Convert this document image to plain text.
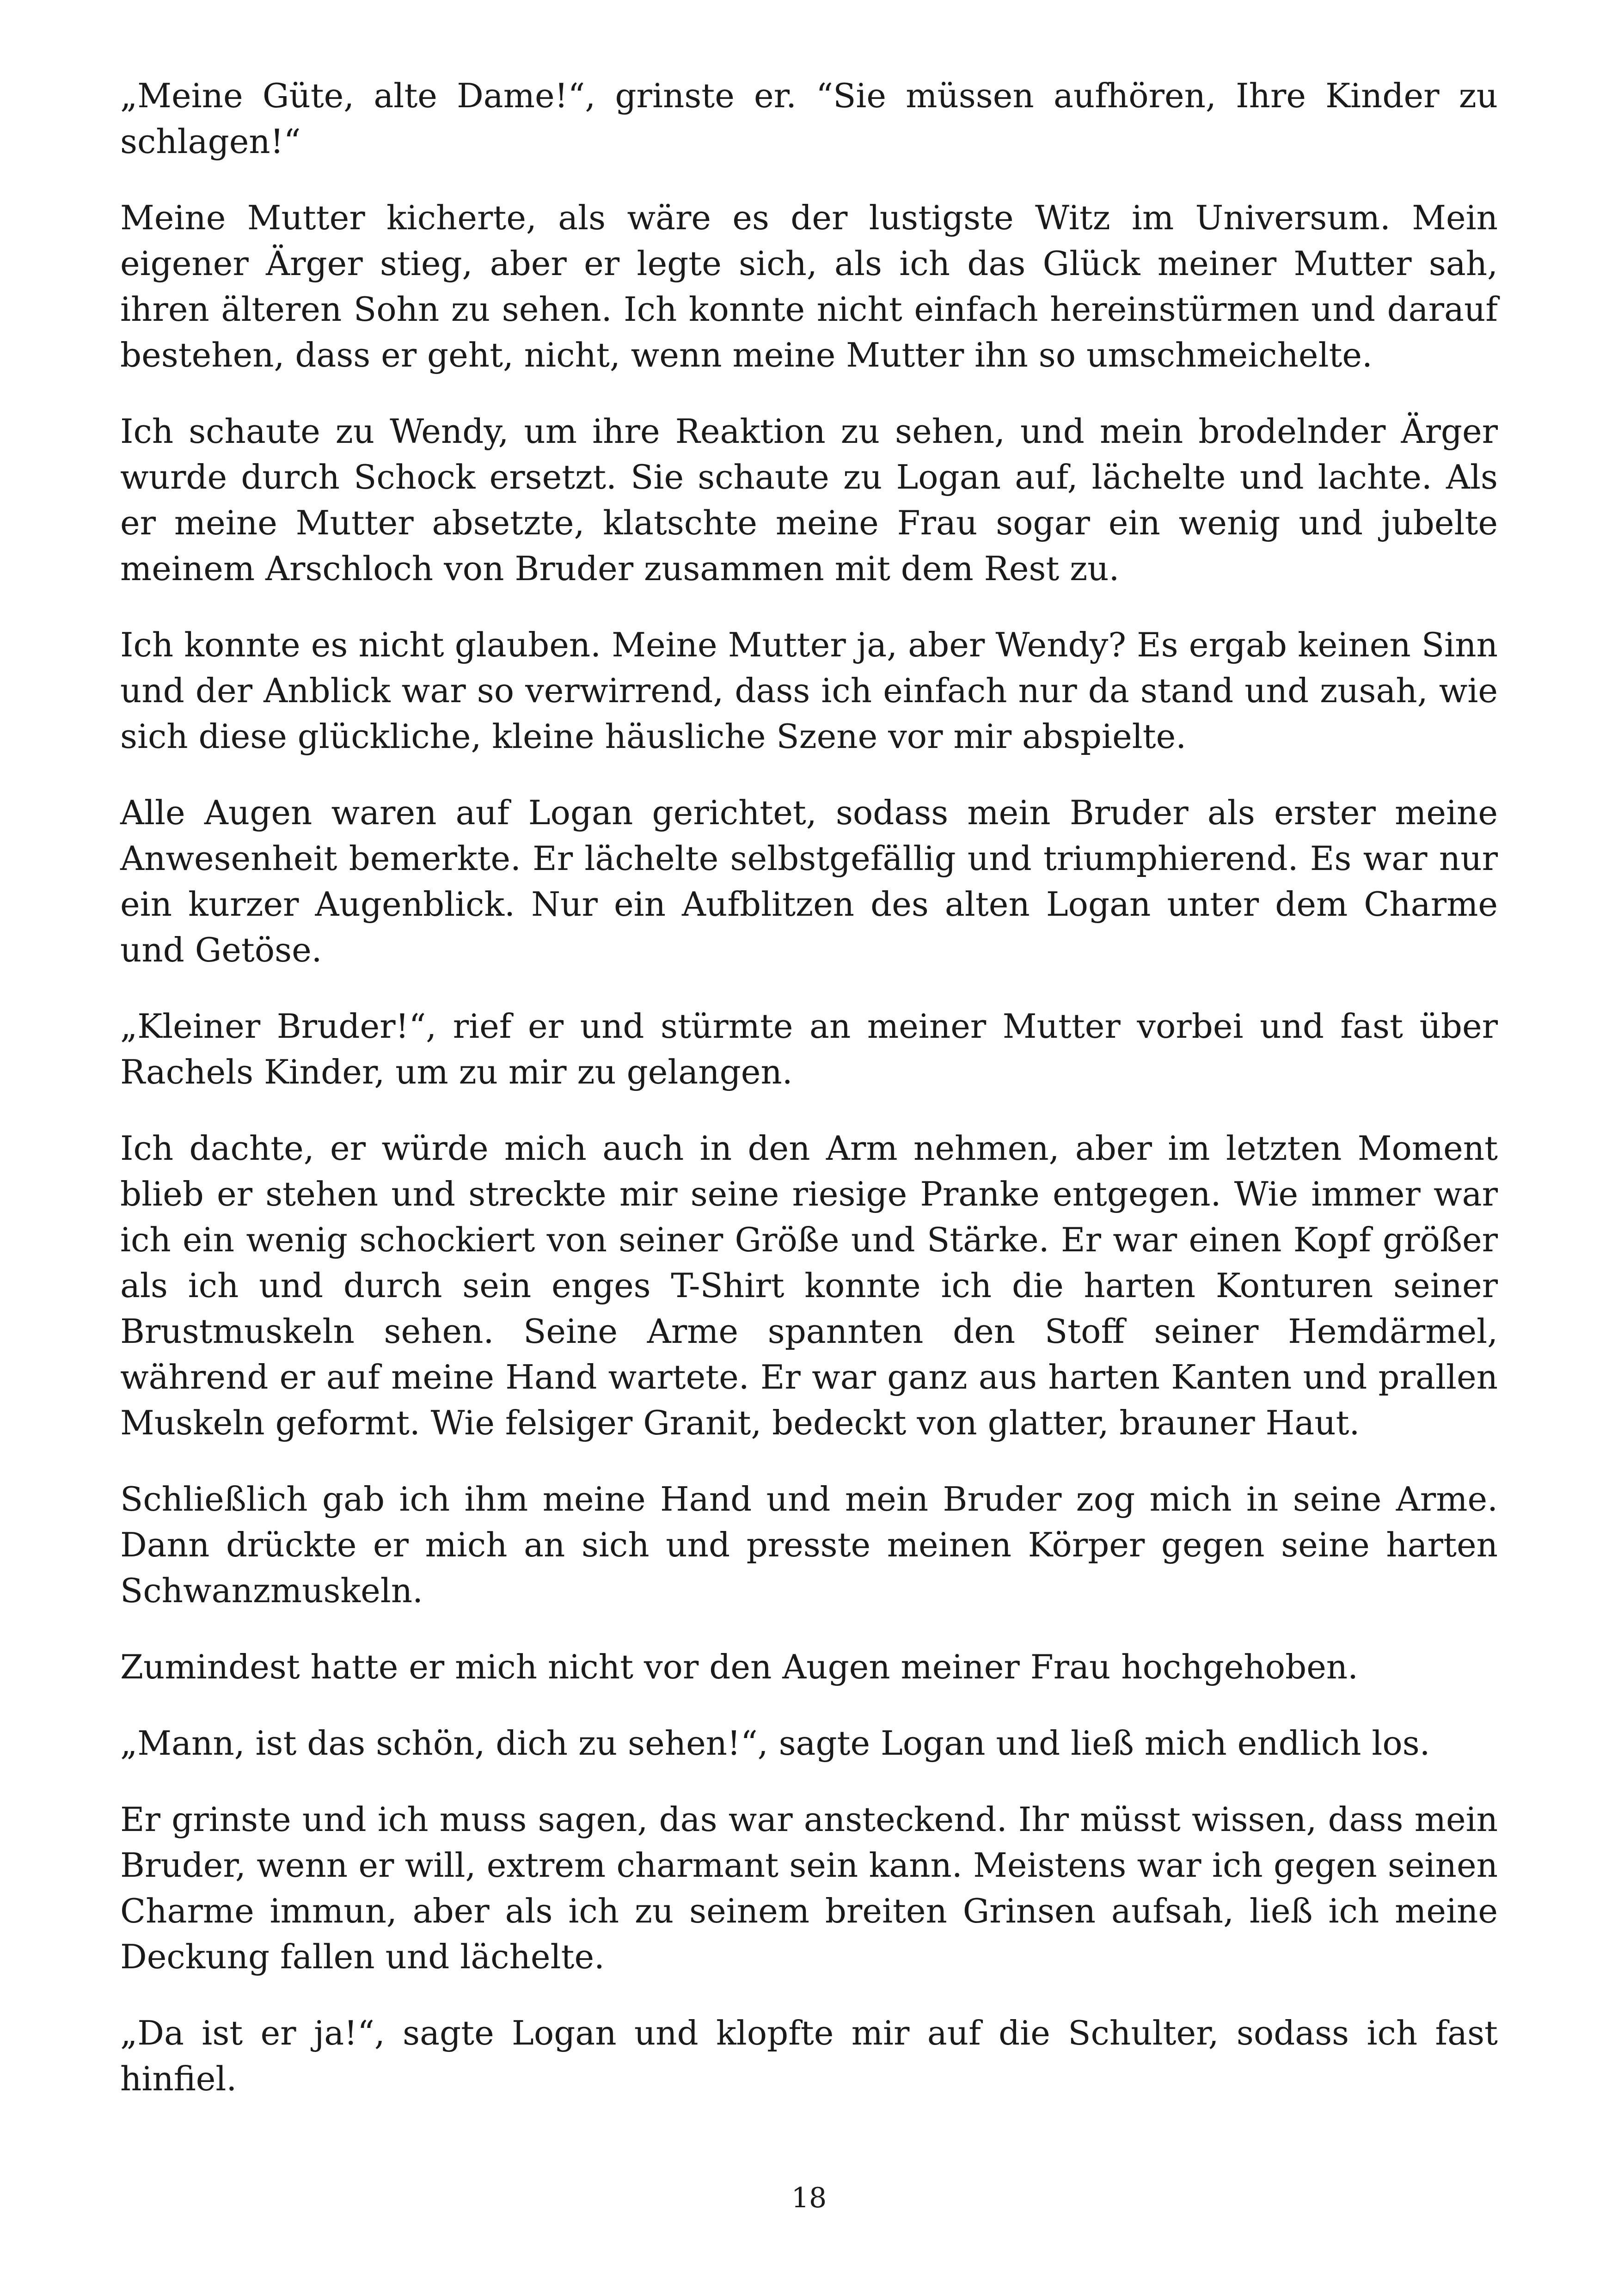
„Meine Güte, alte Dame!“, grinste er. “Sie müssen aufhören, Ihre Kinder zu schlagen!“

Meine Mutter kicherte, als wäre es der lustigste Witz im Universum. Mein eigener Ärger stieg, aber er legte sich, als ich das Glück meiner Mutter sah, ihren älteren Sohn zu sehen. Ich konnte nicht einfach hereinstürmen und darauf bestehen, dass er geht, nicht, wenn meine Mutter ihn so umschmeichelte.

Ich schaute zu Wendy, um ihre Reaktion zu sehen, und mein brodelnder Ärger wurde durch Schock ersetzt. Sie schaute zu Logan auf, lächelte und lachte. Als er meine Mutter absetzte, klatschte meine Frau sogar ein wenig und jubelte meinem Arschloch von Bruder zusammen mit dem Rest zu.

Ich konnte es nicht glauben. Meine Mutter ja, aber Wendy? Es ergab keinen Sinn und der Anblick war so verwirrend, dass ich einfach nur da stand und zusah, wie sich diese glückliche, kleine häusliche Szene vor mir abspielte.

Alle Augen waren auf Logan gerichtet, sodass mein Bruder als erster meine Anwesenheit bemerkte. Er lächelte selbstgefällig und triumphierend. Es war nur ein kurzer Augenblick. Nur ein Aufblitzen des alten Logan unter dem Charme und Getöse.

„Kleiner Bruder!“, rief er und stürmte an meiner Mutter vorbei und fast über Rachels Kinder, um zu mir zu gelangen.

Ich dachte, er würde mich auch in den Arm nehmen, aber im letzten Moment blieb er stehen und streckte mir seine riesige Pranke entgegen. Wie immer war ich ein wenig schockiert von seiner Größe und Stärke. Er war einen Kopf größer als ich und durch sein enges T-Shirt konnte ich die harten Konturen seiner Brustmuskeln sehen. Seine Arme spannten den Stoff seiner Hemdärmel, während er auf meine Hand wartete. Er war ganz aus harten Kanten und prallen Muskeln geformt. Wie felsiger Granit, bedeckt von glatter, brauner Haut.

Schließlich gab ich ihm meine Hand und mein Bruder zog mich in seine Arme. Dann drückte er mich an sich und presste meinen Körper gegen seine harten Schwanzmuskeln.

Zumindest hatte er mich nicht vor den Augen meiner Frau hochgehoben.

„Mann, ist das schön, dich zu sehen!“, sagte Logan und ließ mich endlich los.

Er grinste und ich muss sagen, das war ansteckend. Ihr müsst wissen, dass mein Bruder, wenn er will, extrem charmant sein kann. Meistens war ich gegen seinen Charme immun, aber als ich zu seinem breiten Grinsen aufsah, ließ ich meine Deckung fallen und lächelte.

„Da ist er ja!“, sagte Logan und klopfte mir auf die Schulter, sodass ich fast hinfiel.

18
